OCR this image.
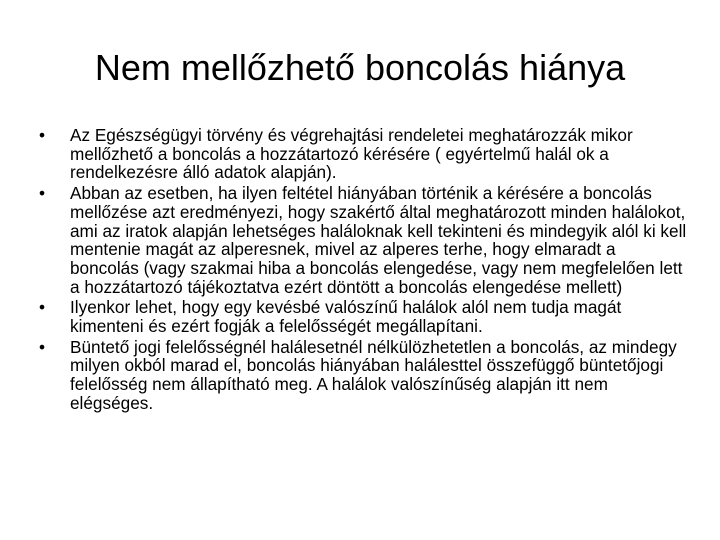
Nem mellőzhető boncolás hiánya
• Az Egészségügyi törvény és végrehajtási rendeletei meghatározzák mikor mellőzhető a boncolás a hozzátartozó kérésére ( egyértelmű halál ok a rendelkezésre álló adatok alapján).
• Abban az esetben, ha ilyen feltétel hiányában történik a kérésére a boncolás mellőzése azt eredményezi, hogy szakértő által meghatározott minden halálokot, ami az iratok alapján lehetséges haláloknak kell tekinteni és mindegyik alól ki kell mentenie magát az alperesnek, mivel az alperes terhe, hogy elmaradt a boncolás (vagy szakmai hiba a boncolás elengedése, vagy nem megfelelően lett a hozzátartozó tájékoztatva ezért döntött a boncolás elengedése mellett)
• Ilyenkor lehet, hogy egy kevésbé valószínű halálok alól nem tudja magát kimenteni és ezért fogják a felelősségét megállapítani.
• Büntető jogi felelősségnél halálesetnél nélkülözhetetlen a boncolás, az mindegy milyen okból marad el, boncolás hiányában halálesttel összefüggő büntetőjogi felelősség nem állapítható meg. A halálok valószínűség alapján itt nem elégséges.
